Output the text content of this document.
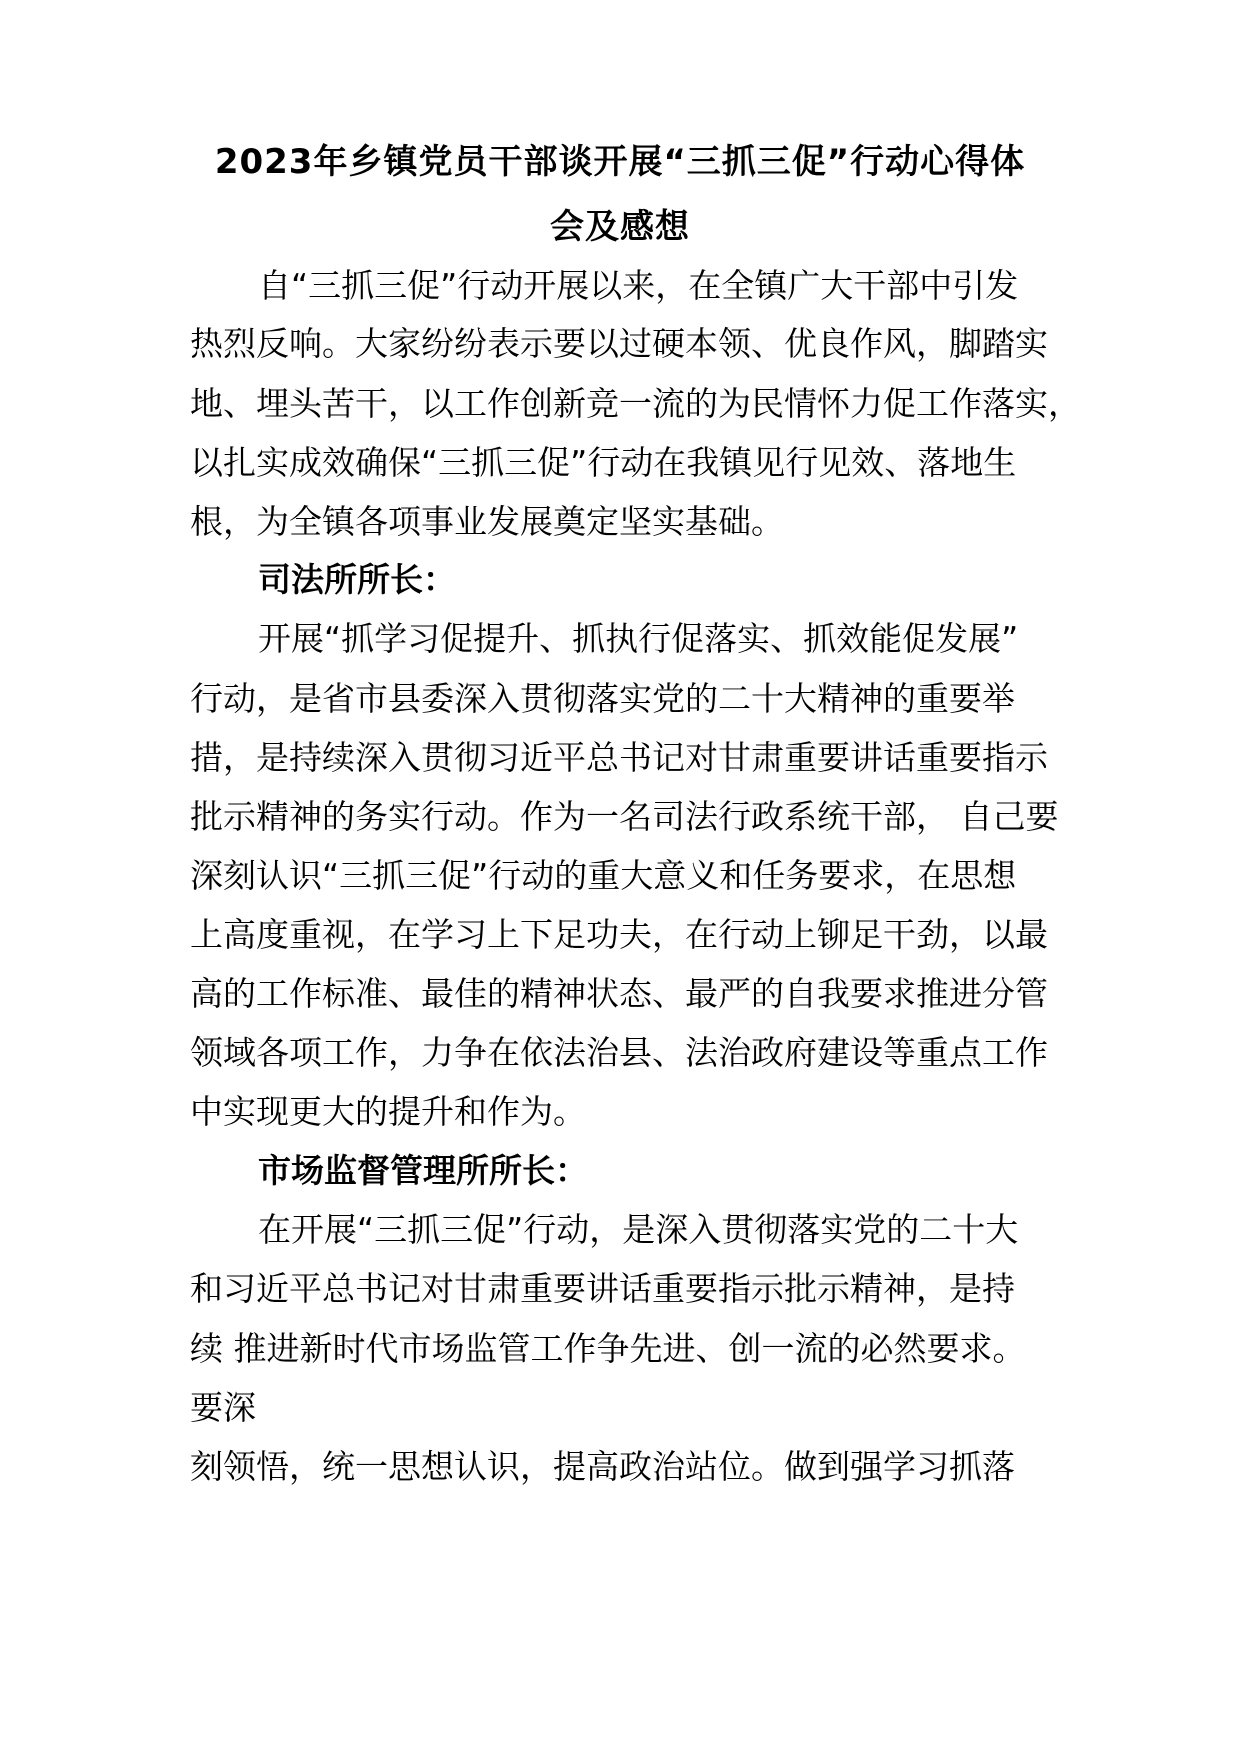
2023年乡镇党员干部谈开展“三抓三促”行动心得体
会及感想
自“三抓三促”行动开展以来，在全镇广大干部中引发
热烈反响。大家纷纷表示要以过硬本领、优良作风，脚踏实
地、埋头苦干，以工作创新竞一流的为民情怀力促工作落实，
以扎实成效确保“三抓三促”行动在我镇见行见效、落地生
根，为全镇各项事业发展奠定坚实基础。
司法所所长：
开展“抓学习促提升、抓执行促落实、抓效能促发展”
行动，是省市县委深入贯彻落实党的二十大精神的重要举
措，是持续深入贯彻习近平总书记对甘肃重要讲话重要指示
批示精神的务实行动。作为一名司法行政系统干部， 自己要
深刻认识“三抓三促”行动的重大意义和任务要求，在思想
上高度重视，在学习上下足功夫，在行动上铆足干劲，以最
高的工作标准、最佳的精神状态、最严的自我要求推进分管
领域各项工作，力争在依法治县、法治政府建设等重点工作
中实现更大的提升和作为。
市场监督管理所所长：
在开展“三抓三促”行动，是深入贯彻落实党的二十大
和习近平总书记对甘肃重要讲话重要指示批示精神，是持
续 推进新时代市场监管工作争先进、创一流的必然要求。
要深
刻领悟，统一思想认识，提高政治站位。做到强学习抓落
